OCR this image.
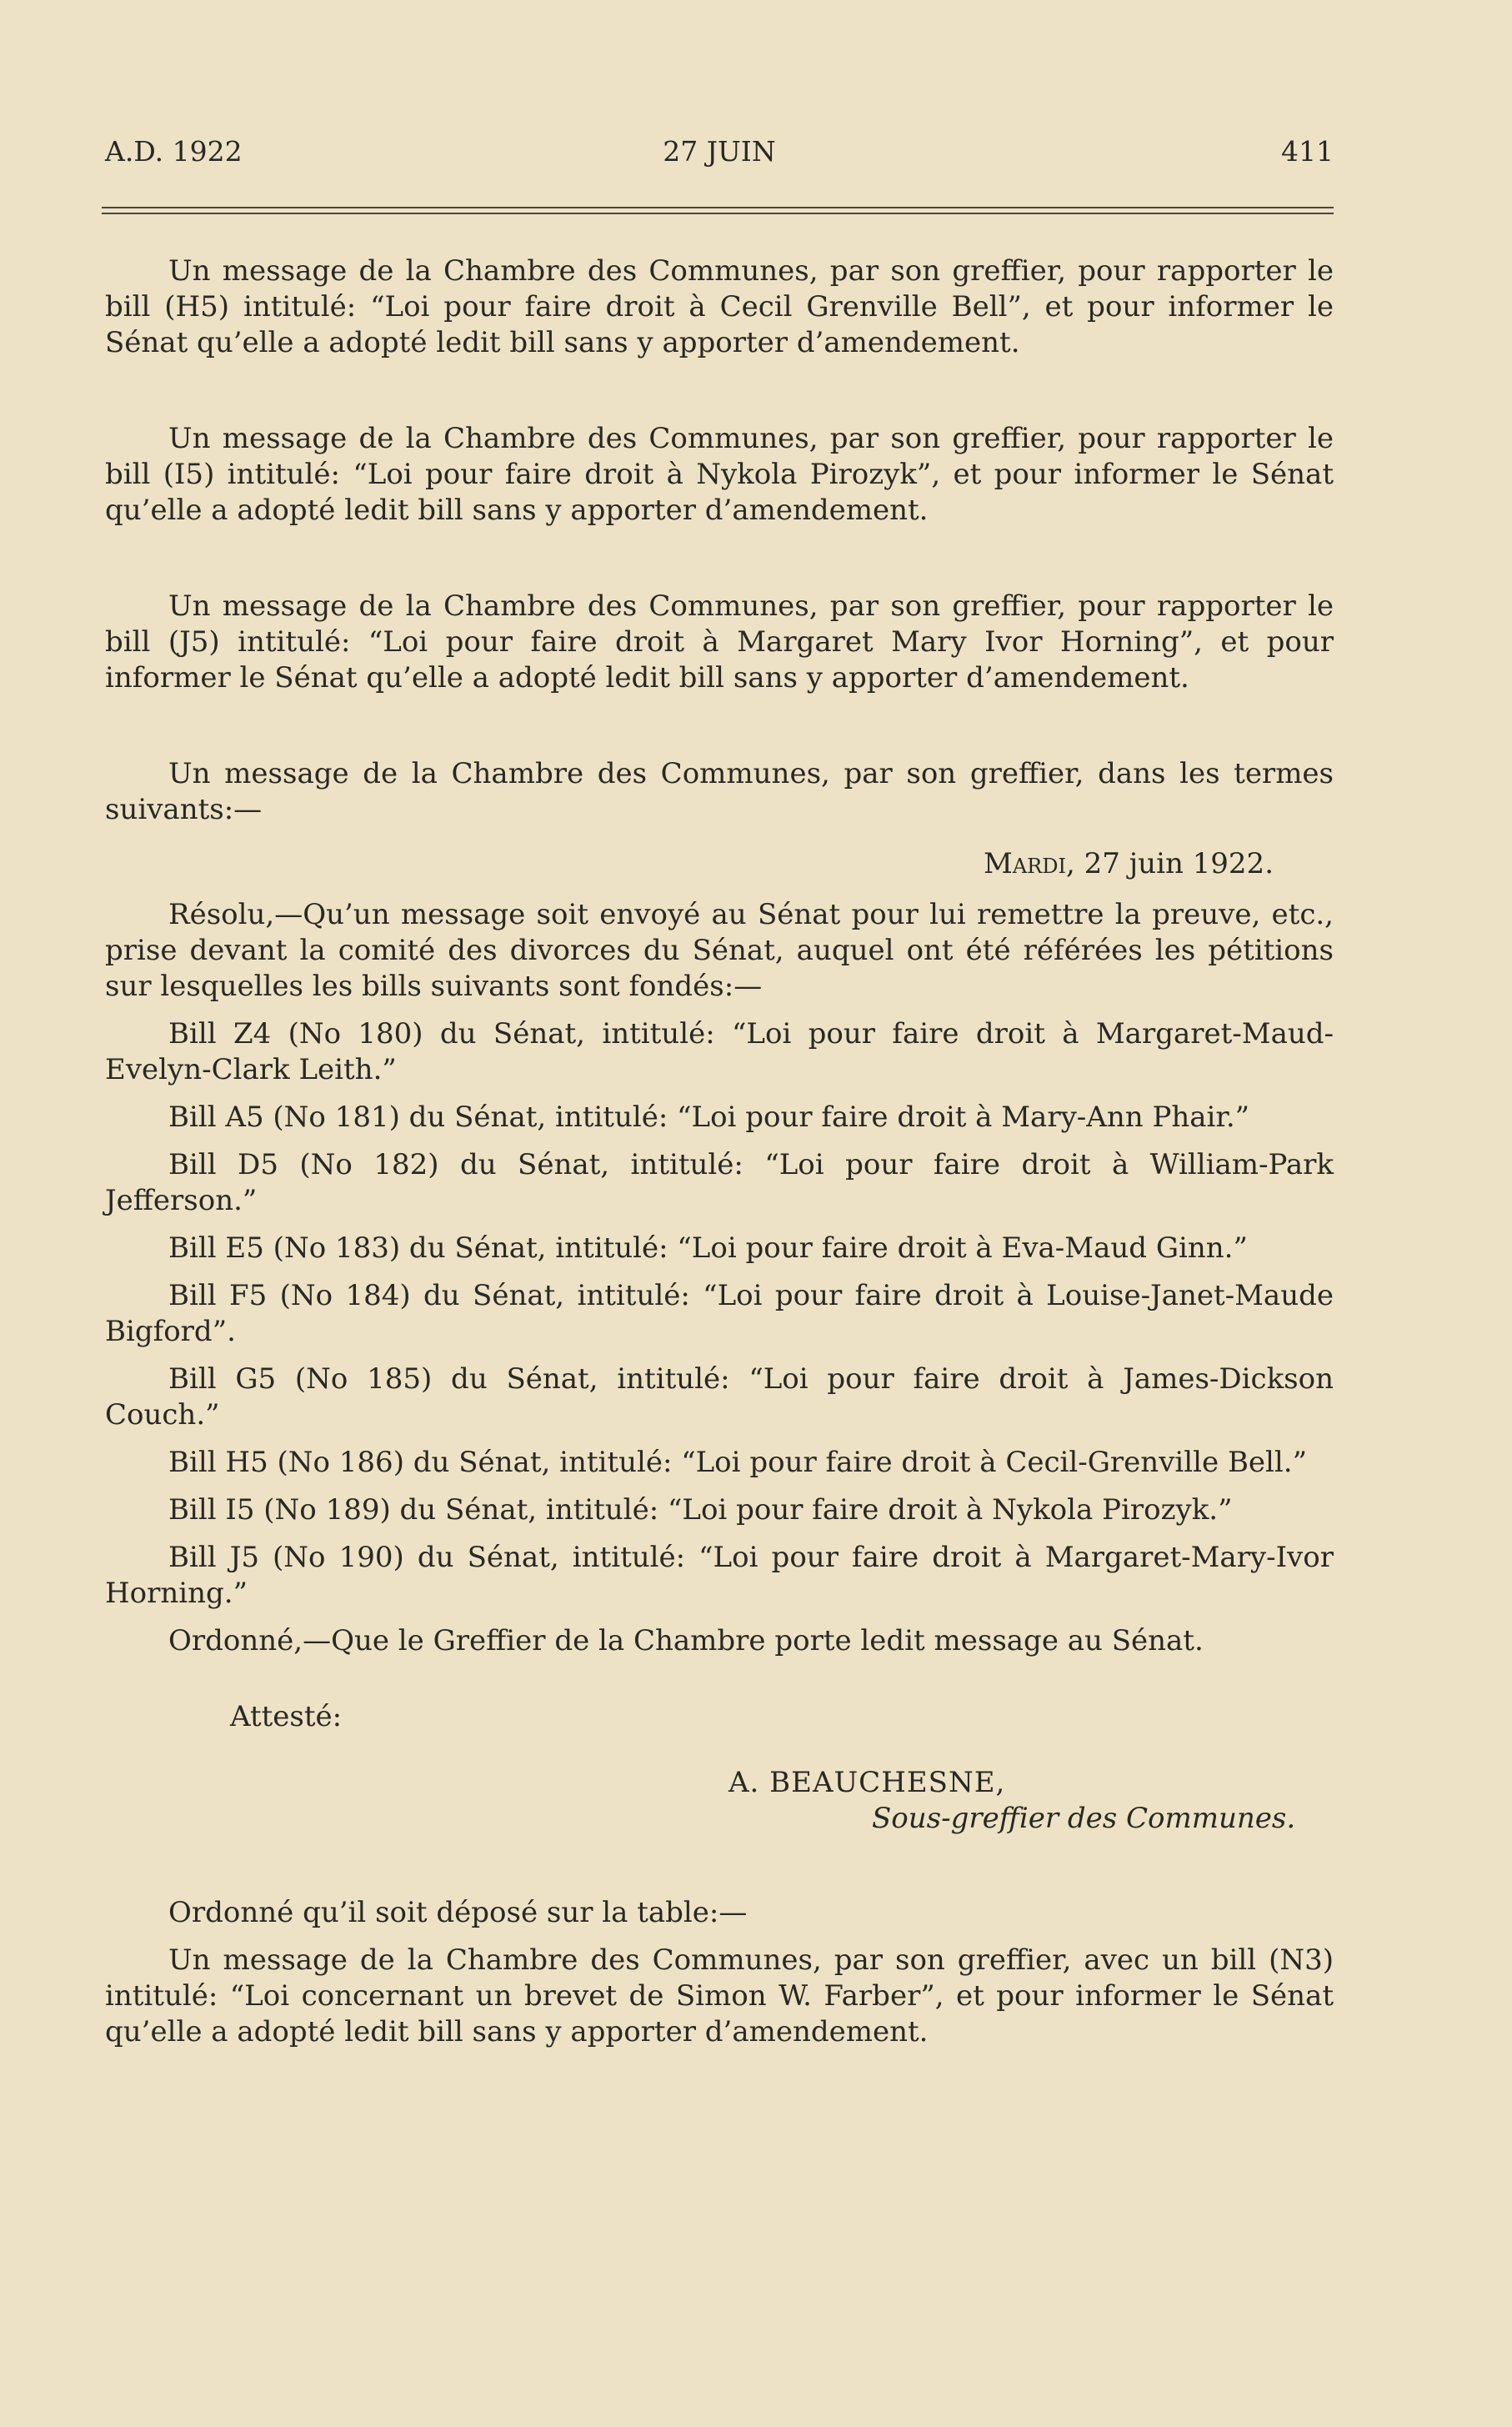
A.D. 1922	27 JUIN	411

Un message de la Chambre des Communes, par son greffier, pour rapporter le bill (H5) intitulé: “Loi pour faire droit à Cecil Grenville Bell”, et pour informer le Sénat qu’elle a adopté ledit bill sans y apporter d’amendement.

Un message de la Chambre des Communes, par son greffier, pour rapporter le bill (I5) intitulé: “Loi pour faire droit à Nykola Pirozyk”, et pour informer le Sénat qu’elle a adopté ledit bill sans y apporter d’amendement.

Un message de la Chambre des Communes, par son greffier, pour rapporter le bill (J5) intitulé: “Loi pour faire droit à Margaret Mary Ivor Horning”, et pour informer le Sénat qu’elle a adopté ledit bill sans y apporter d’amendement.

Un message de la Chambre des Communes, par son greffier, dans les termes suivants:—

Mardi, 27 juin 1922.

Résolu,—Qu’un message soit envoyé au Sénat pour lui remettre la preuve, etc., prise devant la comité des divorces du Sénat, auquel ont été référées les pétitions sur lesquelles les bills suivants sont fondés:—

Bill Z4 (No 180) du Sénat, intitulé: “Loi pour faire droit à Margaret-Maud-Evelyn-Clark Leith.”

Bill A5 (No 181) du Sénat, intitulé: “Loi pour faire droit à Mary-Ann Phair.”

Bill D5 (No 182) du Sénat, intitulé: “Loi pour faire droit à William-Park Jefferson.”

Bill E5 (No 183) du Sénat, intitulé: “Loi pour faire droit à Eva-Maud Ginn.”

Bill F5 (No 184) du Sénat, intitulé: “Loi pour faire droit à Louise-Janet-Maude Bigford”.

Bill G5 (No 185) du Sénat, intitulé: “Loi pour faire droit à James-Dickson Couch.”

Bill H5 (No 186) du Sénat, intitulé: “Loi pour faire droit à Cecil-Grenville Bell.”

Bill I5 (No 189) du Sénat, intitulé: “Loi pour faire droit à Nykola Pirozyk.”

Bill J5 (No 190) du Sénat, intitulé: “Loi pour faire droit à Margaret-Mary-Ivor Horning.”

Ordonné,—Que le Greffier de la Chambre porte ledit message au Sénat.

Attesté:

A. BEAUCHESNE,

Sous-greffier des Communes.

Ordonné qu’il soit déposé sur la table:—

Un message de la Chambre des Communes, par son greffier, avec un bill (N3) intitulé: “Loi concernant un brevet de Simon W. Farber”, et pour informer le Sénat qu’elle a adopté ledit bill sans y apporter d’amendement.
